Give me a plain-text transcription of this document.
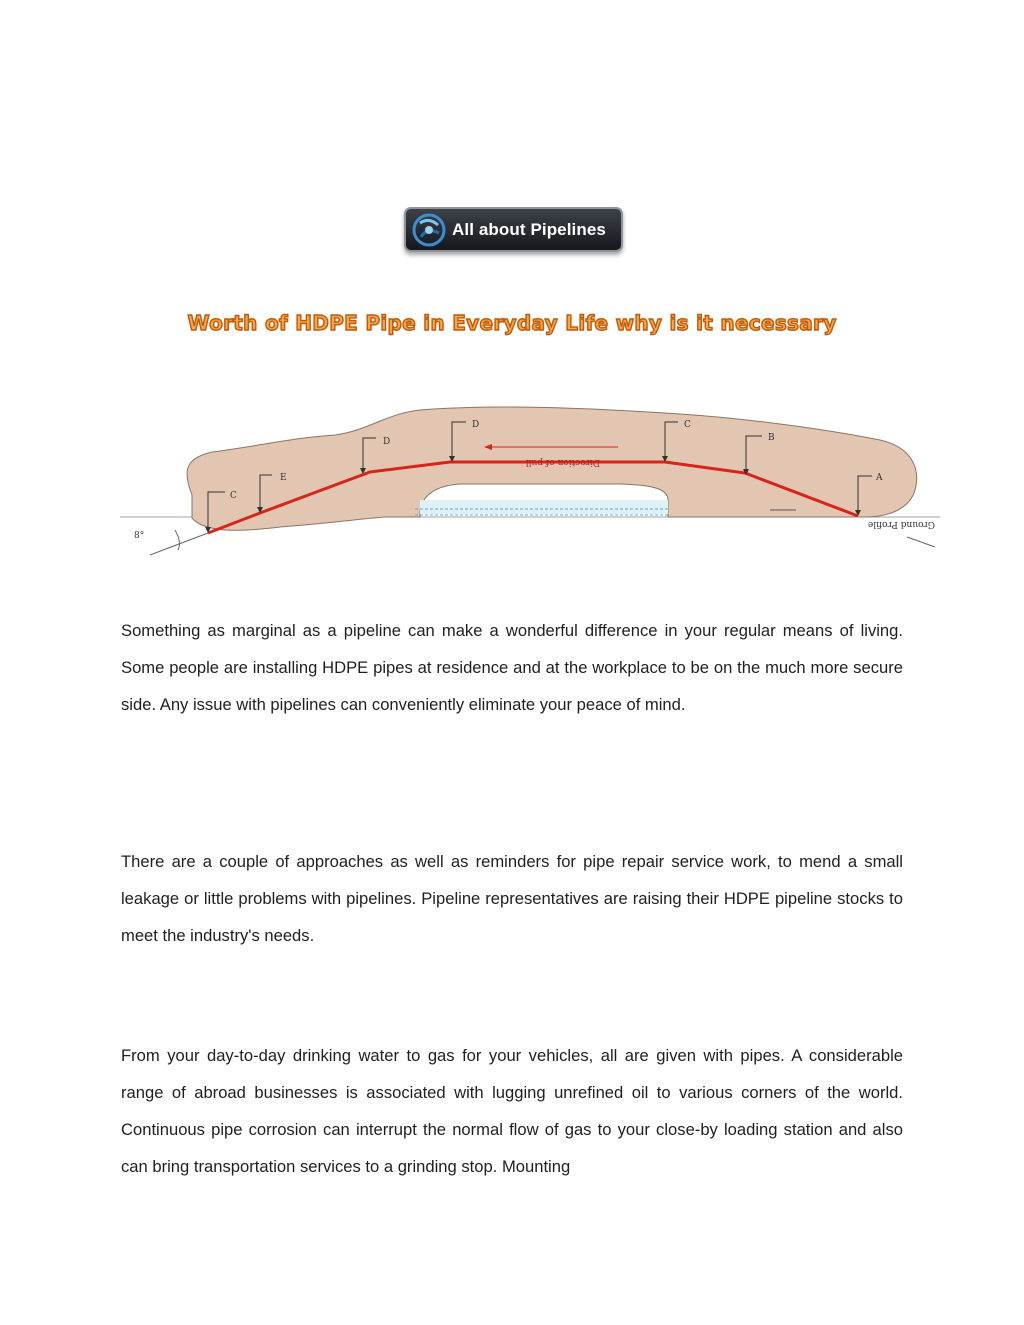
All about Pipelines
Worth of HDPE Pipe in Everyday Life why is it necessary
8°
C
E
D
D	C
B
A
Direction of pull
Ground Profile

Something as marginal as a pipeline can make a wonderful difference in your regular means of living. Some people are installing HDPE pipes at residence and at the workplace to be on the much more secure side. Any issue with pipelines can conveniently eliminate your peace of mind.

There are a couple of approaches as well as reminders for pipe repair service work, to mend a small leakage or little problems with pipelines. Pipeline representatives are raising their HDPE pipeline stocks to meet the industry's needs.

From your day-to-day drinking water to gas for your vehicles, all are given with pipes. A considerable range of abroad businesses is associated with lugging unrefined oil to various corners of the world. Continuous pipe corrosion can interrupt the normal flow of gas to your close-by loading station and also can bring transportation services to a grinding stop. Mounting
